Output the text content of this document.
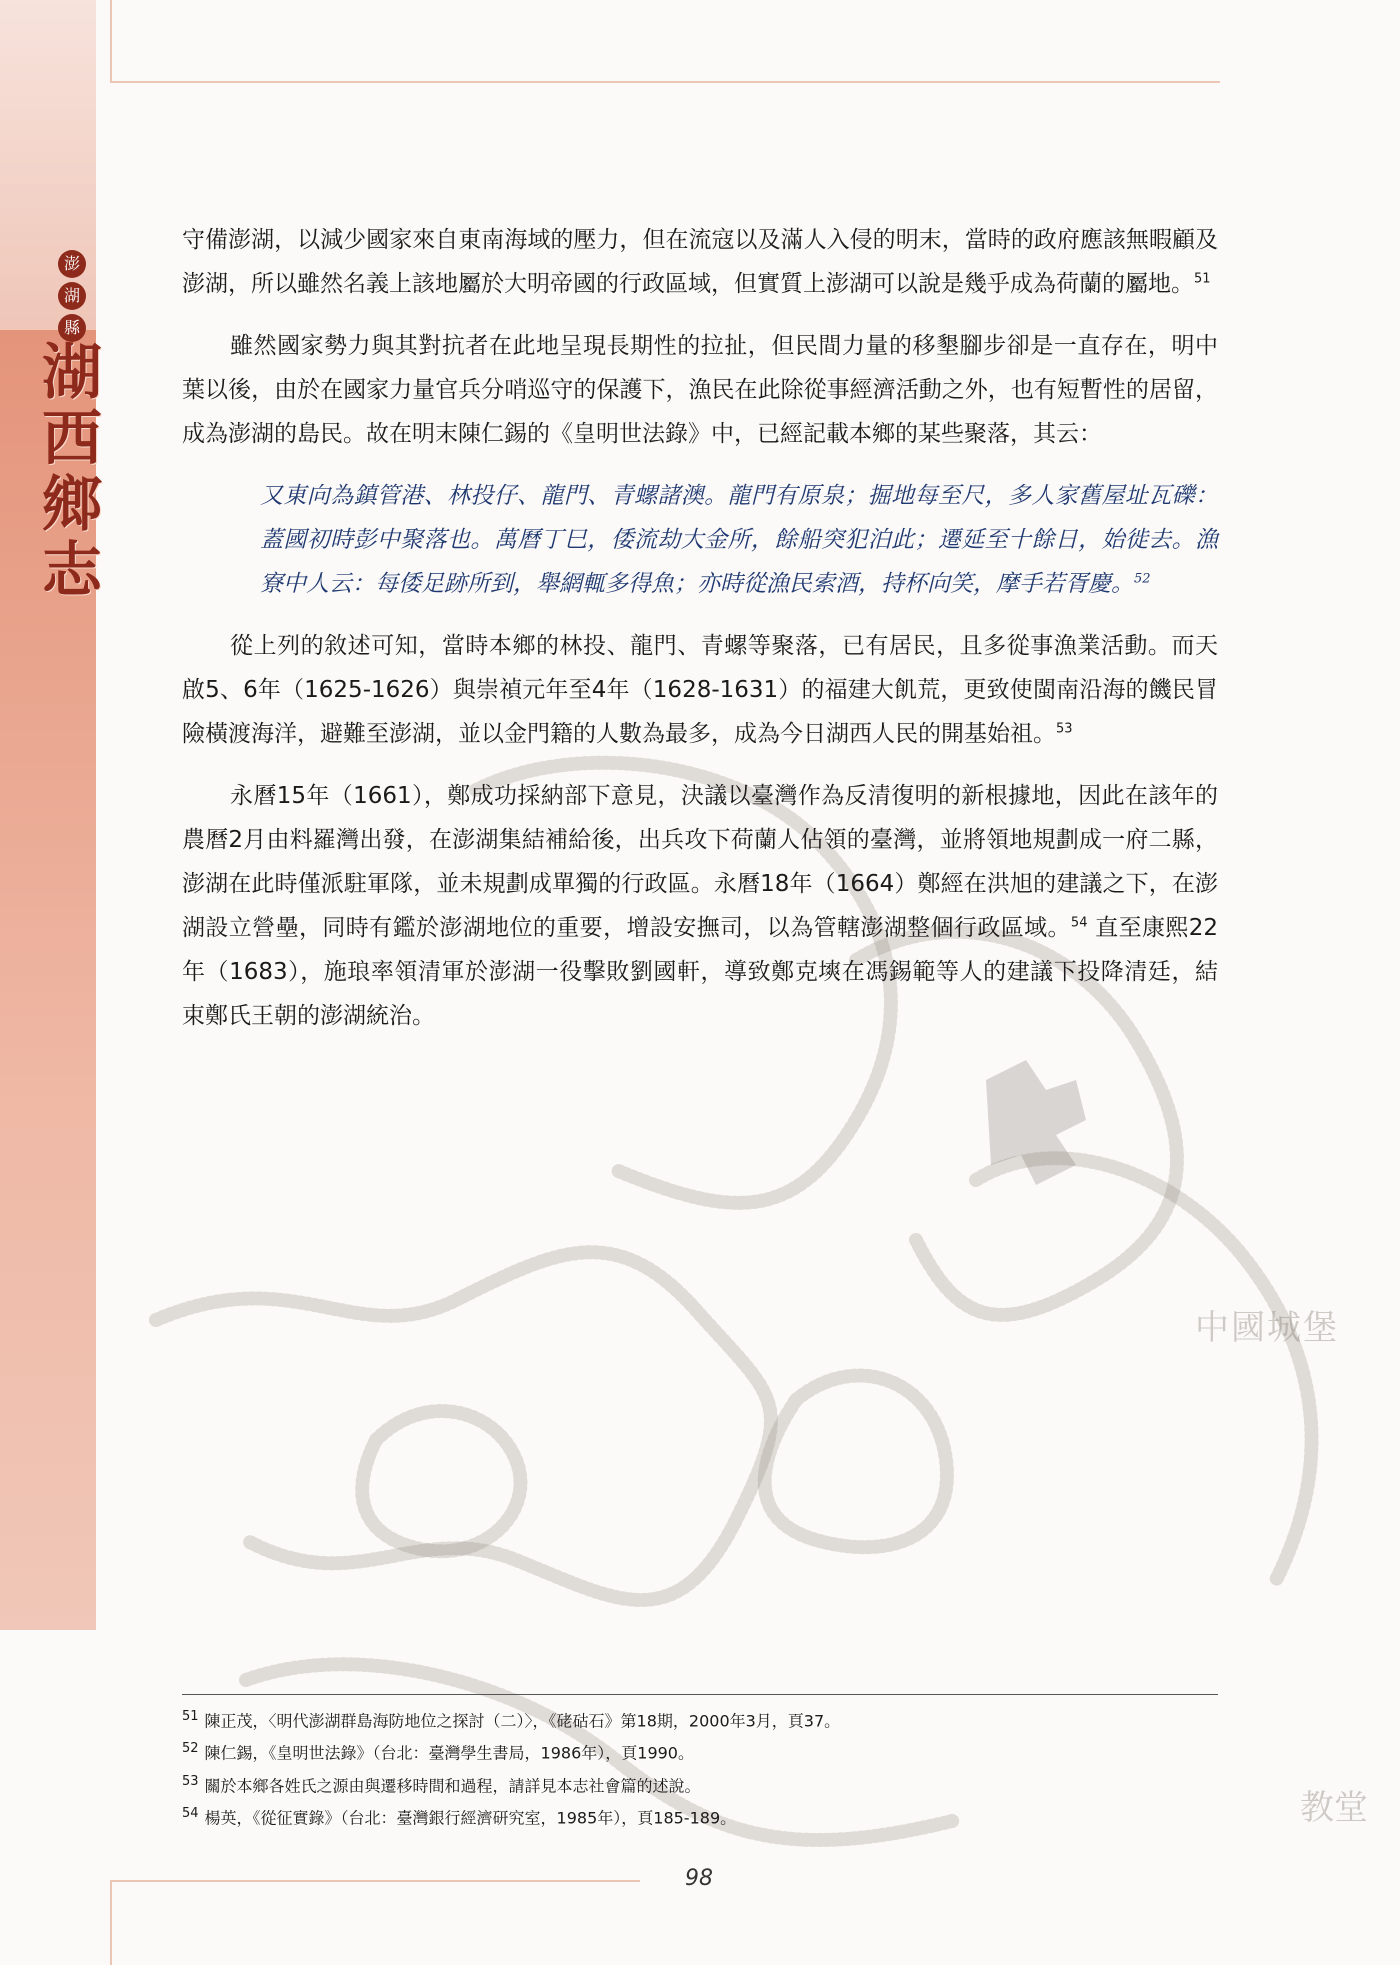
澎
湖
縣
湖西鄉志
中國城堡
教堂

守備澎湖，以減少國家來自東南海域的壓力，但在流寇以及滿人入侵的明末，當時的政府應該無暇顧及澎湖，所以雖然名義上該地屬於大明帝國的行政區域，但實質上澎湖可以說是幾乎成為荷蘭的屬地。$^{51}$

雖然國家勢力與其對抗者在此地呈現長期性的拉扯，但民間力量的移墾腳步卻是一直存在，明中葉以後，由於在國家力量官兵分哨巡守的保護下，漁民在此除從事經濟活動之外，也有短暫性的居留，成為澎湖的島民。故在明末陳仁錫的《皇明世法錄》中，已經記載本鄉的某些聚落，其云：

又東向為鎮管港、林投仔、龍門、青螺諸澳。龍門有原泉；掘地每至尺，多人家舊屋址瓦礫：蓋國初時彭中聚落也。萬曆丁巳，倭流劫大金所，餘船突犯泊此；遷延至十餘日，始徙去。漁寮中人云：每倭足跡所到，舉網輒多得魚；亦時從漁民索酒，持杯向笑，摩手若胥慶。$^{52}$

從上列的敘述可知，當時本鄉的林投、龍門、青螺等聚落，已有居民，且多從事漁業活動。而天啟5、6年（1625-1626）與崇禎元年至4年（1628-1631）的福建大飢荒，更致使閩南沿海的饑民冒險橫渡海洋，避難至澎湖，並以金門籍的人數為最多，成為今日湖西人民的開基始祖。$^{53}$

永曆15年（1661），鄭成功採納部下意見，決議以臺灣作為反清復明的新根據地，因此在該年的農曆2月由料羅灣出發，在澎湖集結補給後，出兵攻下荷蘭人佔領的臺灣，並將領地規劃成一府二縣，澎湖在此時僅派駐軍隊，並未規劃成單獨的行政區。永曆18年（1664）鄭經在洪旭的建議之下，在澎湖設立營壘，同時有鑑於澎湖地位的重要，增設安撫司，以為管轄澎湖整個行政區域。$^{54}$ 直至康熙22年（1683），施琅率領清軍於澎湖一役擊敗劉國軒，導致鄭克塽在馮錫範等人的建議下投降清廷，結束鄭氏王朝的澎湖統治。

$^{51}$ 陳正茂，〈明代澎湖群島海防地位之探討（二）〉，《硓𥑮石》第18期，2000年3月，頁37。
$^{52}$ 陳仁錫，《皇明世法錄》（台北：臺灣學生書局，1986年），頁1990。
$^{53}$ 關於本鄉各姓氏之源由與遷移時間和過程，請詳見本志社會篇的述說。
$^{54}$ 楊英，《從征實錄》（台北：臺灣銀行經濟研究室，1985年），頁185-189。
98
